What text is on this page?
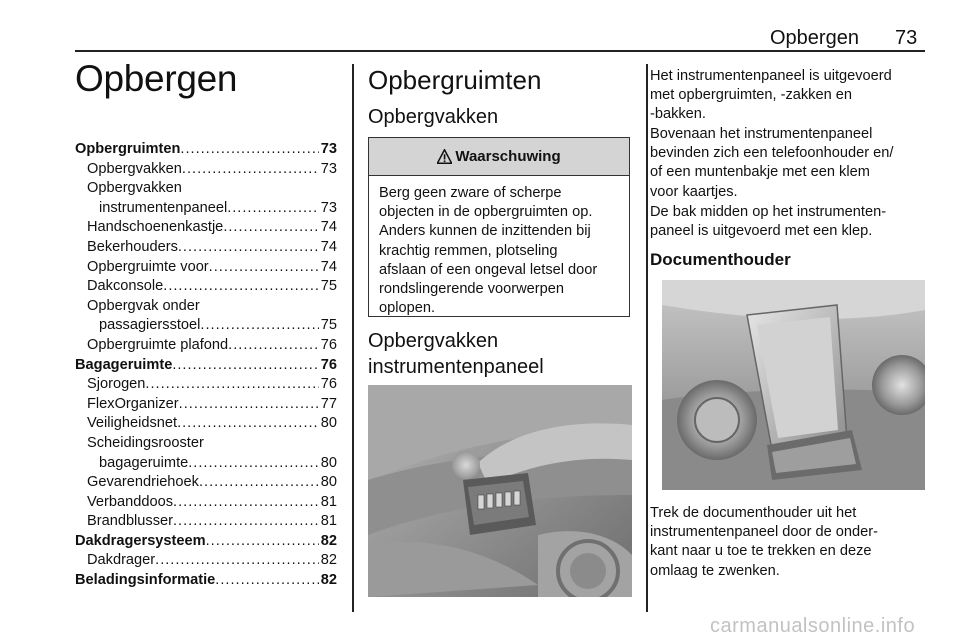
Opbergen 73
Opbergen
Opbergruimten .....	73
Opbergvakken .....	73
Opbergvakken
instrumentenpaneel .....	73
Handschoenenkastje .....	74
Bekerhouders .....	74
Opbergruimte voor .....	74
Dakconsole .....	75
Opbergvak onder
passagiersstoel .....	75
Opbergruimte plafond .....	76
Bagageruimte .....	76
Sjorogen .....	76
FlexOrganizer .....	77
Veiligheidsnet .....	80
Scheidingsrooster
bagageruimte .....	80
Gevarendriehoek .....	80
Verbanddoos .....	81
Brandblusser .....	81
Dakdragersysteem .....	82
Dakdrager .....	82
Beladingsinformatie .....	82
Opbergruimten
Opbergvakken
Waarschuwing
Berg geen zware of scherpe
objecten in de opbergruimten op.
Anders kunnen de inzittenden bij
krachtig remmen, plotseling
afslaan of een ongeval letsel door
rondslingerende voorwerpen
oplopen.
Opbergvakken
instrumentenpaneel

Het instrumentenpaneel is uitgevoerd

met opbergruimten, -zakken en

-bakken.

Bovenaan het instrumentenpaneel

bevinden zich een telefoonhouder en/

of een muntenbakje met een klem

voor kaartjes.

De bak midden op het instrumenten-

paneel is uitgevoerd met een klep.

Documenthouder

Trek de documenthouder uit het

instrumentenpaneel door de onder-

kant naar u toe te trekken en deze

omlaag te zwenken.

carmanualsonline.info
